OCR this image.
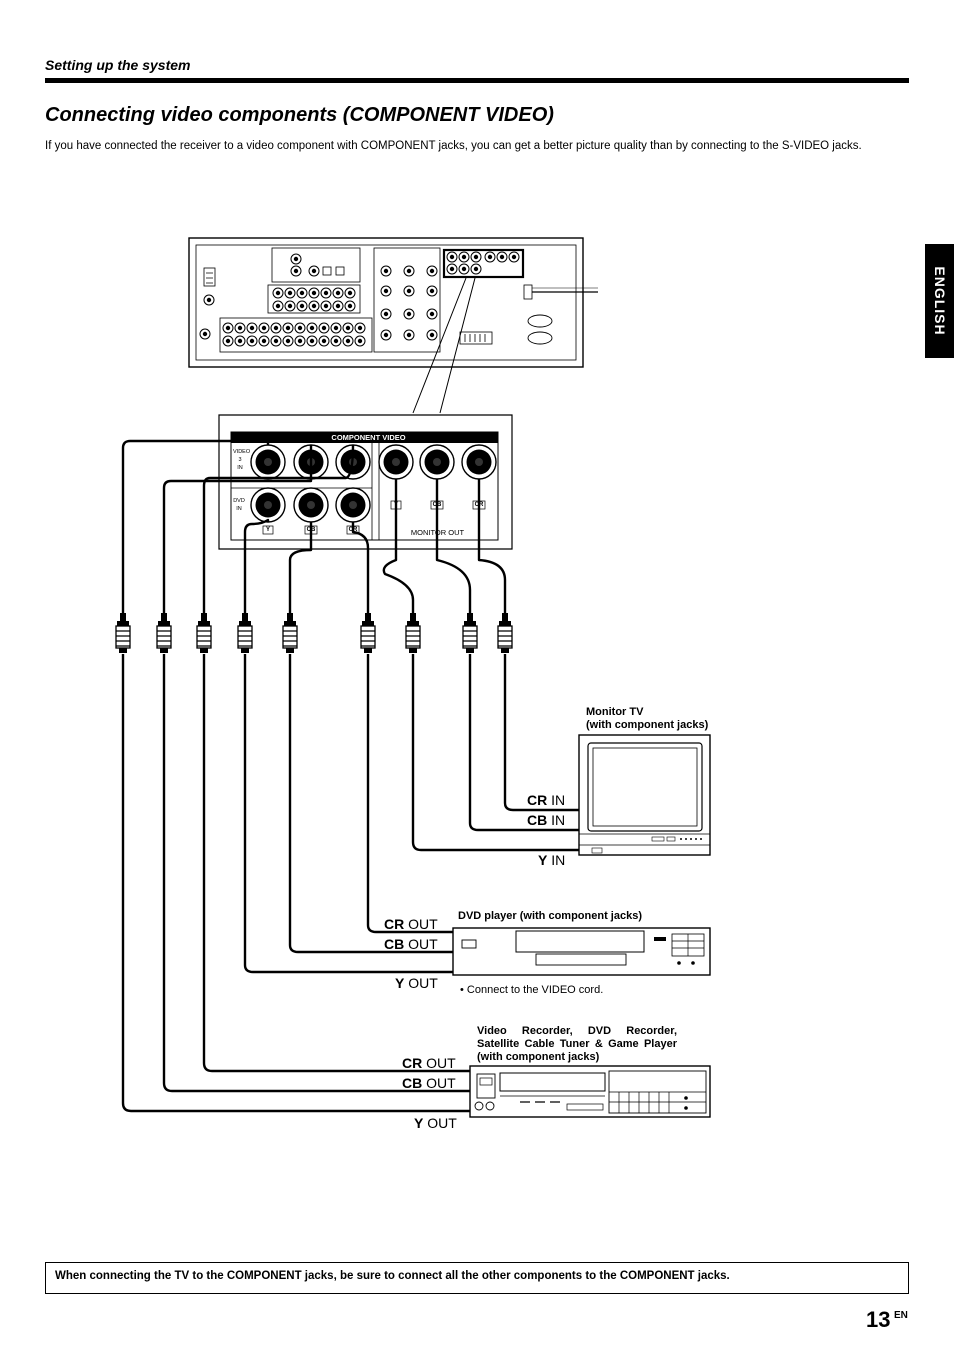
Setting up the system
Connecting video components (COMPONENT VIDEO)
If you have connected the receiver to a video component with COMPONENT jacks, you can get a better picture quality than by connecting to the S-VIDEO jacks.
ENGLISH
COMPONENT VIDEO
VIDEO
3
IN
DVD
IN
Y	CB	CR
Y	CB	CR
MONITOR OUT
Monitor TV
(with component jacks)
CR IN
CB IN
Y IN
DVD player (with component jacks)
CR OUT
CB OUT
Y OUT • Connect to the VIDEO cord.
Video Recorder, DVD Recorder, Satellite Cable Tuner & Game Player (with component jacks)
CR OUT
CB OUT
Y OUT
When connecting the TV to the COMPONENT jacks, be sure to connect all the other components to the COMPONENT jacks.
13 EN
